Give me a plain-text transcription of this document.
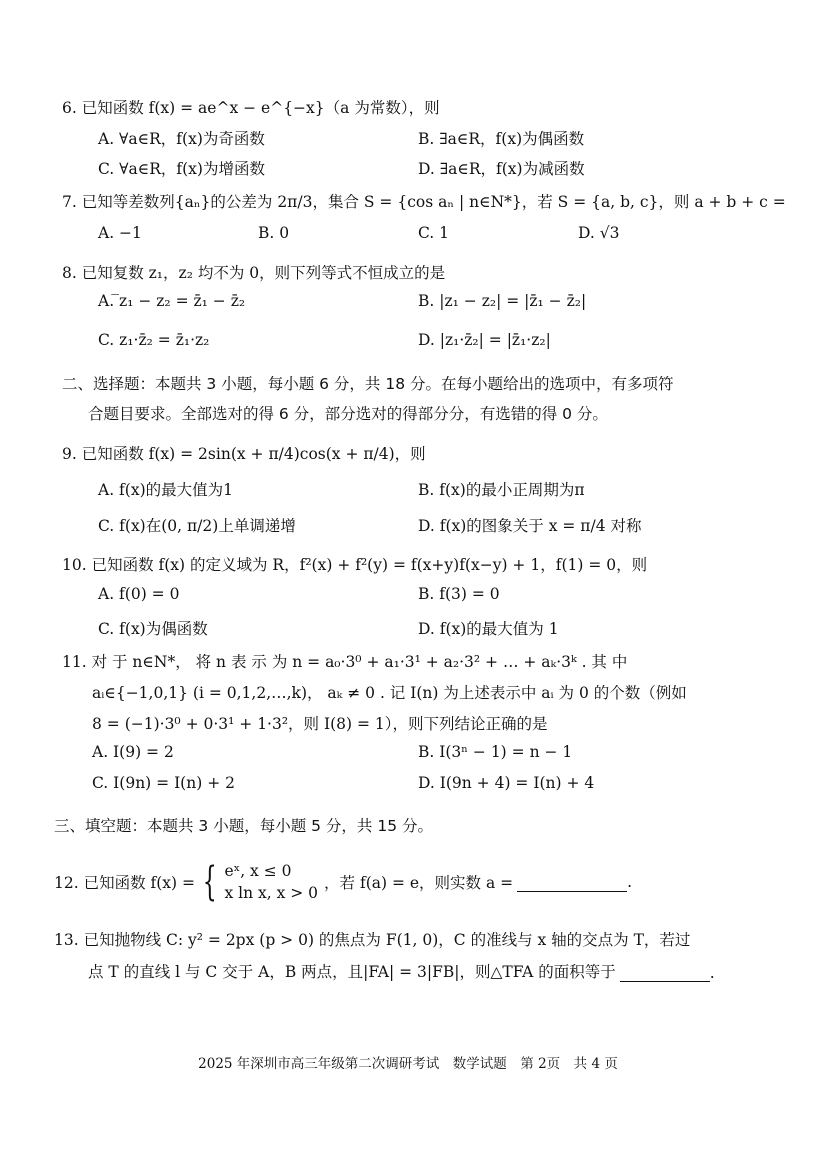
6. 已知函数 f(x) = ae^x − e^{−x}（a 为常数），则
A. ∀a∈R，f(x)为奇函数	B. ∃a∈R，f(x)为偶函数
C. ∀a∈R，f(x)为增函数	D. ∃a∈R，f(x)为减函数
7. 已知等差数列{aₙ}的公差为 2π/3，集合 S = {cos aₙ | n∈N*}，若 S = {a, b, c}，则 a + b + c =
A. −1	B. 0	C. 1	D. √3
8. 已知复数 z₁，z₂ 均不为 0，则下列等式不恒成立的是
A. ̅z₁ − z₂ = z̄₁ − z̄₂	B. |z₁ − z₂| = |z̄₁ − z̄₂|
C. z₁·z̄₂ = z̄₁·z₂	D. |z₁·z̄₂| = |z̄₁·z₂|
二、选择题：本题共 3 小题，每小题 6 分，共 18 分。在每小题给出的选项中，有多项符
合题目要求。全部选对的得 6 分，部分选对的得部分分，有选错的得 0 分。
9. 已知函数 f(x) = 2sin(x + π/4)cos(x + π/4)，则
A. f(x)的最大值为1	B. f(x)的最小正周期为π
C. f(x)在(0, π/2)上单调递增	D. f(x)的图象关于 x = π/4 对称
10. 已知函数 f(x) 的定义域为 R，f²(x) + f²(y) = f(x+y)f(x−y) + 1，f(1) = 0，则
A. f(0) = 0	B. f(3) = 0
C. f(x)为偶函数	D. f(x)的最大值为 1
11. 对 于 n∈N*， 将 n 表 示 为 n = a₀·3⁰ + a₁·3¹ + a₂·3² + … + aₖ·3ᵏ . 其 中
aᵢ∈{−1,0,1} (i = 0,1,2,…,k)， aₖ ≠ 0 . 记 I(n) 为上述表示中 aᵢ 为 0 的个数（例如
8 = (−1)·3⁰ + 0·3¹ + 1·3²，则 I(8) = 1），则下列结论正确的是
A. I(9) = 2	B. I(3ⁿ − 1) = n − 1
C. I(9n) = I(n) + 2	D. I(9n + 4) = I(n) + 4
三、填空题：本题共 3 小题，每小题 5 分，共 15 分。
12. 已知函数 f(x) = { eˣ, x ≤ 0
x ln x, x > 0
，若 f(a) = e，则实数 a =	.
13. 已知抛物线 C: y² = 2px (p > 0) 的焦点为 F(1, 0)，C 的准线与 x 轴的交点为 T，若过
点 T 的直线 l 与 C 交于 A，B 两点，且|FA| = 3|FB|，则△TFA 的面积等于	.
2025 年深圳市高三年级第二次调研考试　数学试题　第 2页　共 4 页
